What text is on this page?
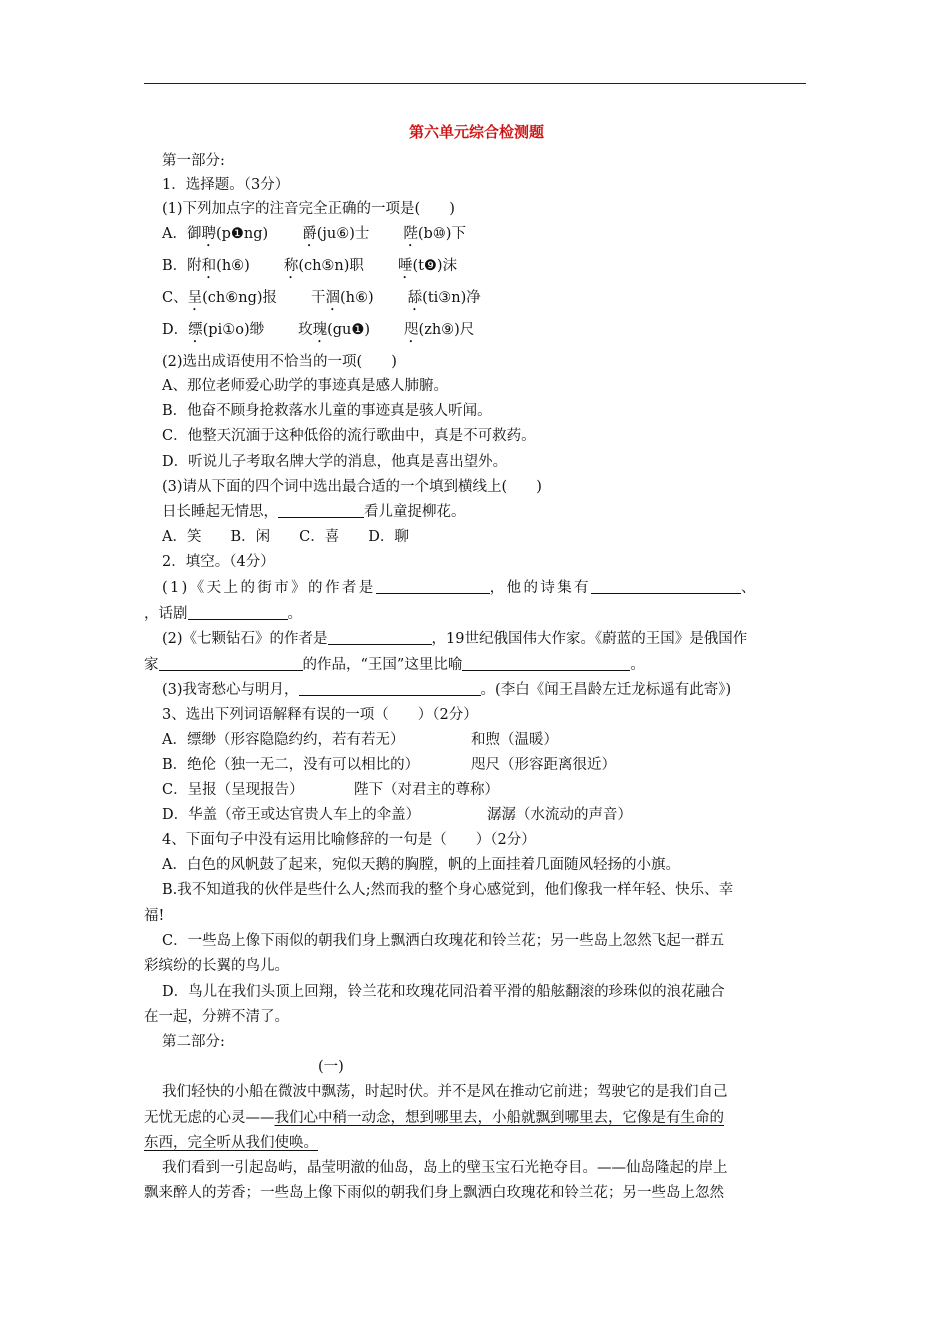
第六单元综合检测题
第一部分:
1．选择题。（3分）
(1)下列加点字的注音完全正确的一项是(　　)
A．御聘(p❶ng) 爵(ju⑥)士 陛(b⑩)下
B．附和(h⑥) 称(ch⑤n)职 唾(t❾)沫
C、呈(ch⑥ng)报 干涸(h⑥) 舔(ti③n)净
D．缥(pi①o)缈 玫瑰(gu❶) 咫(zh⑨)尺
(2)选出成语使用不恰当的一项(　　)
A、那位老师爱心助学的事迹真是感人肺腑。
B．他奋不顾身抢救落水儿童的事迹真是骇人听闻。
C．他整天沉湎于这种低俗的流行歌曲中，真是不可救药。
D．听说儿子考取名牌大学的消息，他真是喜出望外。
(3)请从下面的四个词中选出最合适的一个填到横线上(　　)
日长睡起无情思，	看儿童捉柳花。
A．笑　　B．闲　　C．喜　　D．聊
2．填空。（4分）
(1)《天上的街市》的作者是	，他的诗集有	、
，话剧	。
(2)《七颗钻石》的作者是	，19世纪俄国伟大作家。《蔚蓝的王国》是俄国作
家	的作品，“王国”这里比喻	。
(3)我寄愁心与明月，	。(李白《闻王昌龄左迁龙标遥有此寄》)
3、选出下列词语解释有误的一项（　　）（2分）
A．缥缈（形容隐隐约约，若有若无）	和煦（温暖）
B．绝伦（独一无二，没有可以相比的）	咫尺（形容距离很近）
C．呈报（呈现报告）	陛下（对君主的尊称）
D．华盖（帝王或达官贵人车上的伞盖）	潺潺（水流动的声音）
4、下面句子中没有运用比喻修辞的一句是（　　）（2分）
A．白色的风帆鼓了起来，宛似天鹅的胸膛，帆的上面挂着几面随风轻扬的小旗。
B.我不知道我的伙伴是些什么人;然而我的整个身心感觉到，他们像我一样年轻、快乐、幸
福!
C．一些岛上像下雨似的朝我们身上飘洒白玫瑰花和铃兰花；另一些岛上忽然飞起一群五
彩缤纷的长翼的鸟儿。
D．鸟儿在我们头顶上回翔，铃兰花和玫瑰花同沿着平滑的船舷翻滚的珍珠似的浪花融合
在一起，分辨不清了。
第二部分:
(一)
我们轻快的小船在微波中飘荡，时起时伏。并不是风在推动它前进；驾驶它的是我们自己
无忧无虑的心灵——我们心中稍一动念，想到哪里去，小船就飘到哪里去，它像是有生命的
东西，完全听从我们使唤。
我们看到一引起岛屿，晶莹明澈的仙岛，岛上的壁玉宝石光艳夺目。——仙岛隆起的岸上
飘来醉人的芳香；一些岛上像下雨似的朝我们身上飘洒白玫瑰花和铃兰花；另一些岛上忽然
